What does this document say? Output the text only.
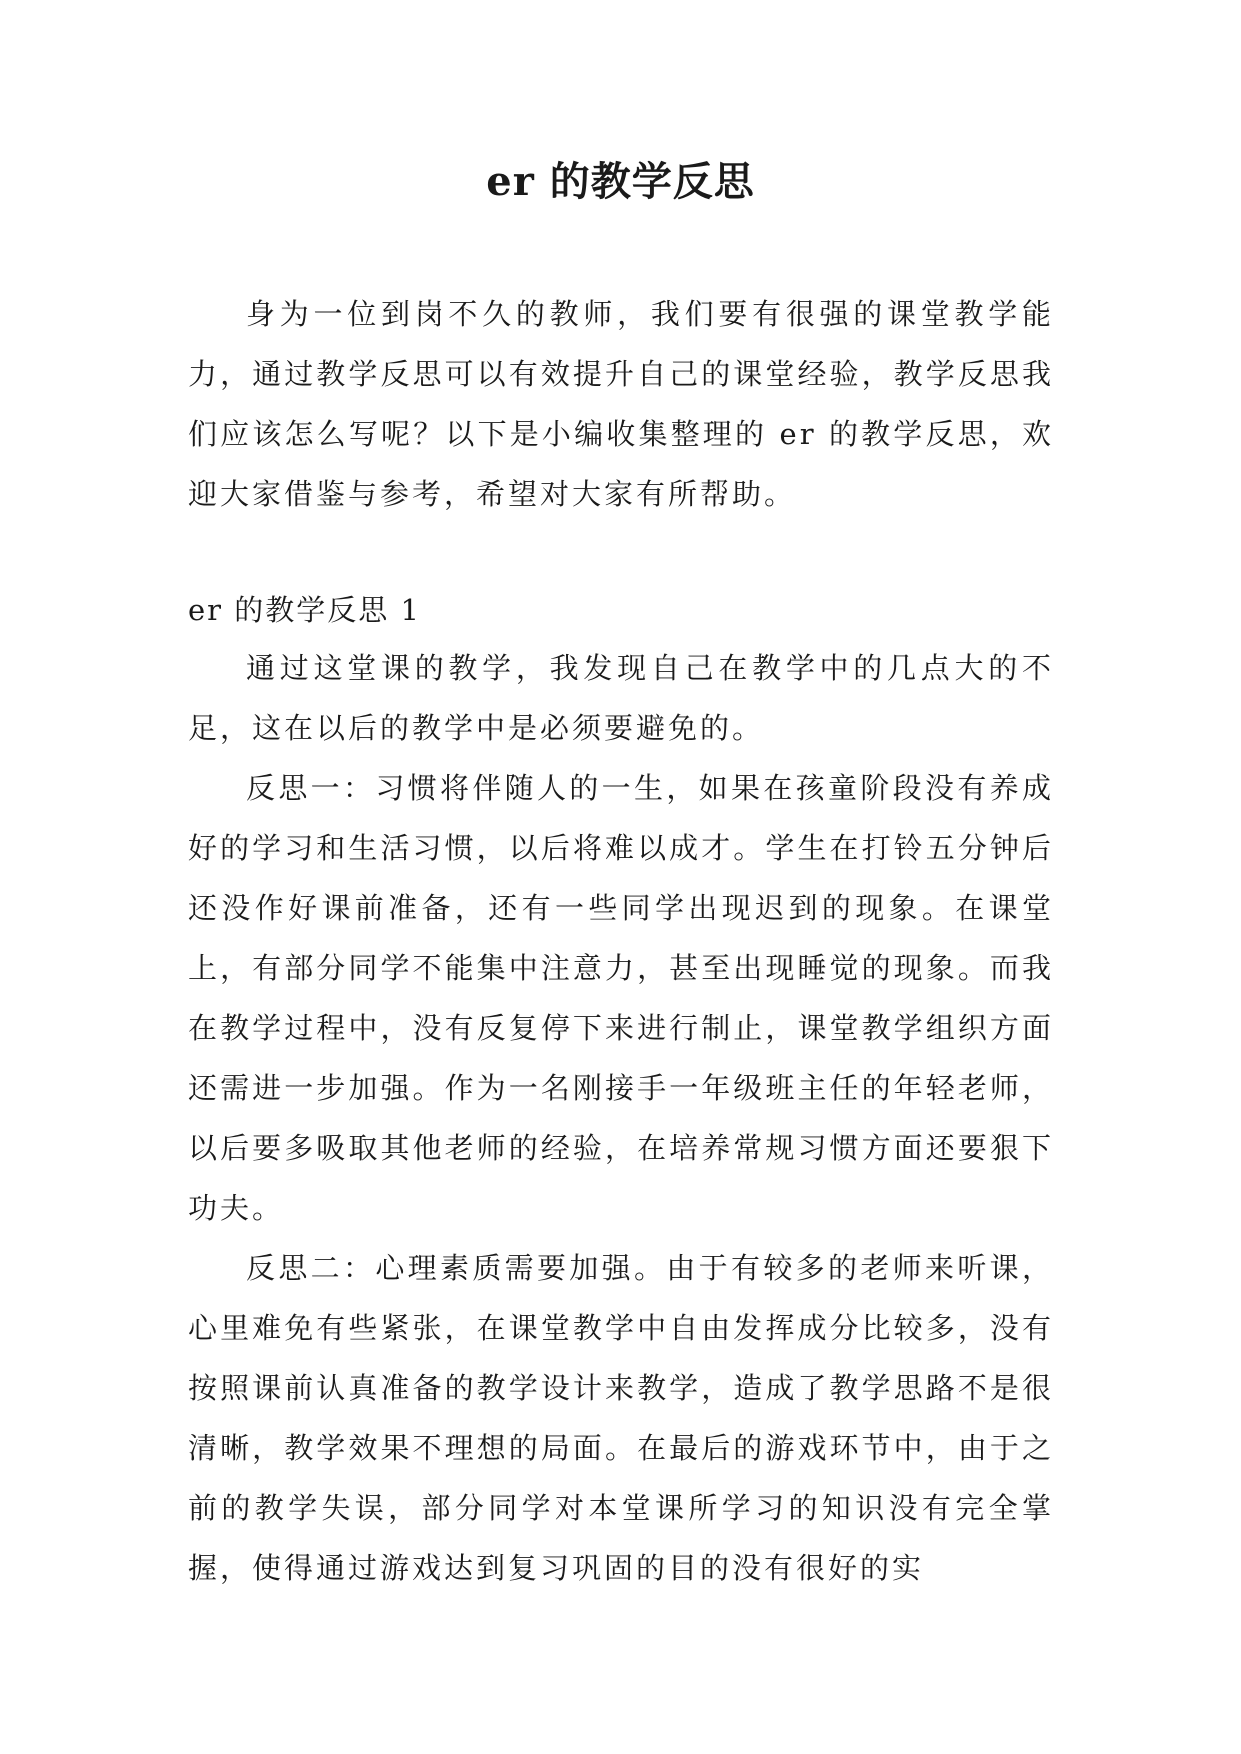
er 的教学反思

身为一位到岗不久的教师，我们要有很强的课堂教学能力，通过教学反思可以有效提升自己的课堂经验，教学反思我们应该怎么写呢？以下是小编收集整理的 er 的教学反思，欢迎大家借鉴与参考，希望对大家有所帮助。

er 的教学反思 1

通过这堂课的教学，我发现自己在教学中的几点大的不足，这在以后的教学中是必须要避免的。

反思一：习惯将伴随人的一生，如果在孩童阶段没有养成好的学习和生活习惯，以后将难以成才。学生在打铃五分钟后还没作好课前准备，还有一些同学出现迟到的现象。在课堂上，有部分同学不能集中注意力，甚至出现睡觉的现象。而我在教学过程中，没有反复停下来进行制止，课堂教学组织方面还需进一步加强。作为一名刚接手一年级班主任的年轻老师，以后要多吸取其他老师的经验，在培养常规习惯方面还要狠下功夫。

反思二：心理素质需要加强。由于有较多的老师来听课，心里难免有些紧张，在课堂教学中自由发挥成分比较多，没有按照课前认真准备的教学设计来教学，造成了教学思路不是很清晰，教学效果不理想的局面。在最后的游戏环节中，由于之前的教学失误，部分同学对本堂课所学习的知识没有完全掌握，使得通过游戏达到复习巩固的目的没有很好的实
